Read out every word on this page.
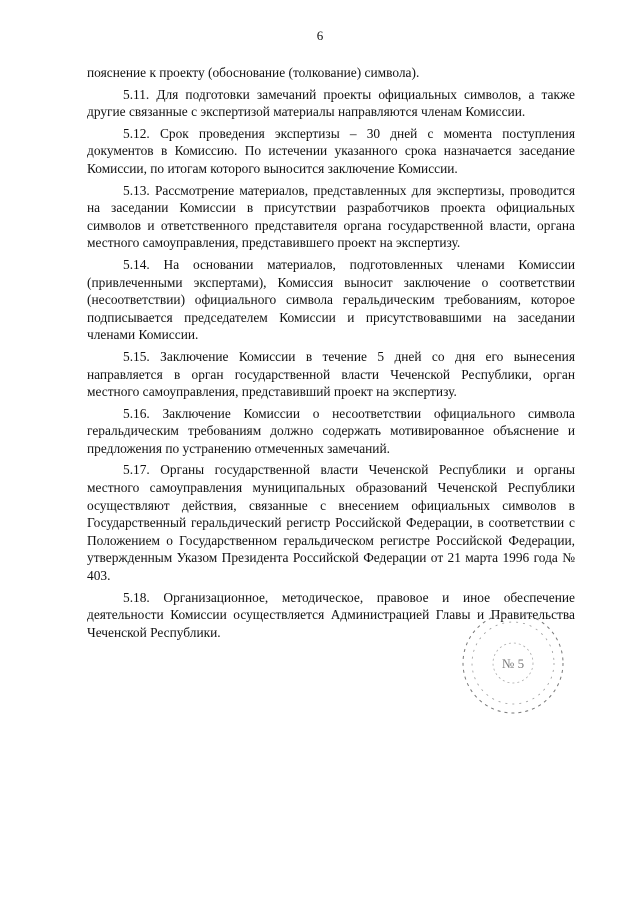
6

пояснение к проекту (обоснование (толкование) символа).

5.11. Для подготовки замечаний проекты официальных символов, а также другие связанные с экспертизой материалы направляются членам Комиссии.

5.12. Срок проведения экспертизы – 30 дней с момента поступления документов в Комиссию. По истечении указанного срока назначается заседание Комиссии, по итогам которого выносится заключение Комиссии.

5.13. Рассмотрение материалов, представленных для экспертизы, проводится на заседании Комиссии в присутствии разработчиков проекта официальных символов и ответственного представителя органа государственной власти, органа местного самоуправления, представившего проект на экспертизу.

5.14. На основании материалов, подготовленных членами Комиссии (привлеченными экспертами), Комиссия выносит заключение о соответствии (несоответствии) официального символа геральдическим требованиям, которое подписывается председателем Комиссии и присутствовавшими на заседании членами Комиссии.

5.15. Заключение Комиссии в течение 5 дней со дня его вынесения направляется в орган государственной власти Чеченской Республики, орган местного самоуправления, представивший проект на экспертизу.

5.16. Заключение Комиссии о несоответствии официального символа геральдическим требованиям должно содержать мотивированное объяснение и предложения по устранению отмеченных замечаний.

5.17. Органы государственной власти Чеченской Республики и органы местного самоуправления муниципальных образований Чеченской Республики осуществляют действия, связанные с внесением официальных символов в Государственный геральдический регистр Российской Федерации, в соответствии с Положением о Государственном геральдическом регистре Российской Федерации, утвержденным Указом Президента Российской Федерации от 21 марта 1996 года № 403.

5.18. Организационное, методическое, правовое и иное обеспечение деятельности Комиссии осуществляется Администрацией Главы и Правительства Чеченской Республики.

№ 5
